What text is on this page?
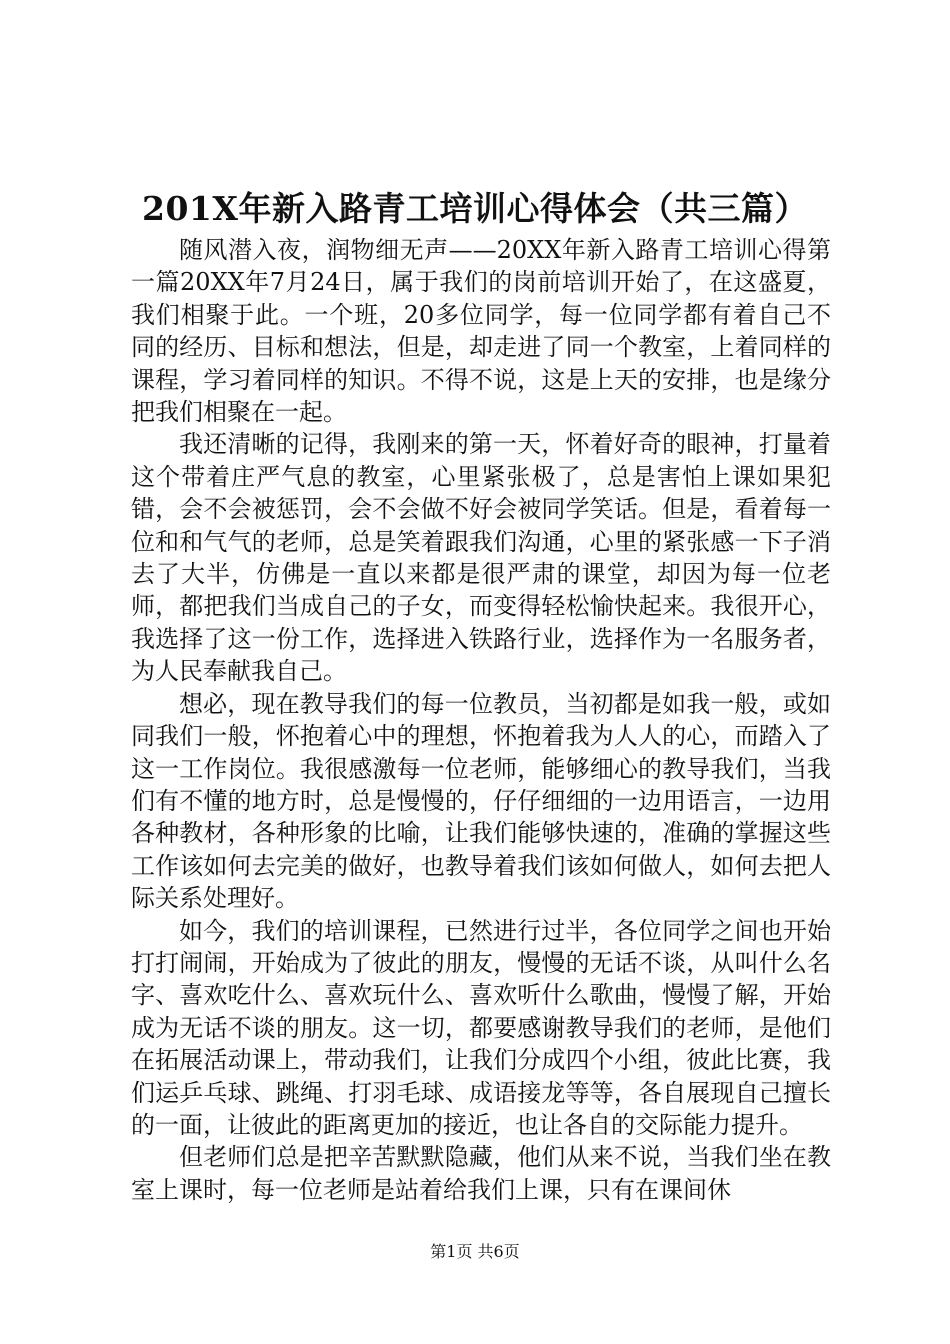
201X年新入路青工培训心得体会（共三篇）

随风潜入夜，润物细无声——20XX年新入路青工培训心得第一篇20XX年7月24日，属于我们的岗前培训开始了，在这盛夏，我们相聚于此。一个班，20多位同学，每一位同学都有着自己不同的经历、目标和想法，但是，却走进了同一个教室，上着同样的课程，学习着同样的知识。不得不说，这是上天的安排，也是缘分把我们相聚在一起。

我还清晰的记得，我刚来的第一天，怀着好奇的眼神，打量着这个带着庄严气息的教室，心里紧张极了，总是害怕上课如果犯错，会不会被惩罚，会不会做不好会被同学笑话。但是，看着每一位和和气气的老师，总是笑着跟我们沟通，心里的紧张感一下子消去了大半，仿佛是一直以来都是很严肃的课堂，却因为每一位老师，都把我们当成自己的子女，而变得轻松愉快起来。我很开心，我选择了这一份工作，选择进入铁路行业，选择作为一名服务者，为人民奉献我自己。

想必，现在教导我们的每一位教员，当初都是如我一般，或如同我们一般，怀抱着心中的理想，怀抱着我为人人的心，而踏入了这一工作岗位。我很感激每一位老师，能够细心的教导我们，当我们有不懂的地方时，总是慢慢的，仔仔细细的一边用语言，一边用各种教材，各种形象的比喻，让我们能够快速的，准确的掌握这些工作该如何去完美的做好，也教导着我们该如何做人，如何去把人际关系处理好。

如今，我们的培训课程，已然进行过半，各位同学之间也开始打打闹闹，开始成为了彼此的朋友，慢慢的无话不谈，从叫什么名字、喜欢吃什么、喜欢玩什么、喜欢听什么歌曲，慢慢了解，开始成为无话不谈的朋友。这一切，都要感谢教导我们的老师，是他们在拓展活动课上，带动我们，让我们分成四个小组，彼此比赛，我们运乒乓球、跳绳、打羽毛球、成语接龙等等，各自展现自己擅长的一面，让彼此的距离更加的接近，也让各自的交际能力提升。

但老师们总是把辛苦默默隐藏，他们从来不说，当我们坐在教室上课时，每一位老师是站着给我们上课，只有在课间休

第1页 共6页
